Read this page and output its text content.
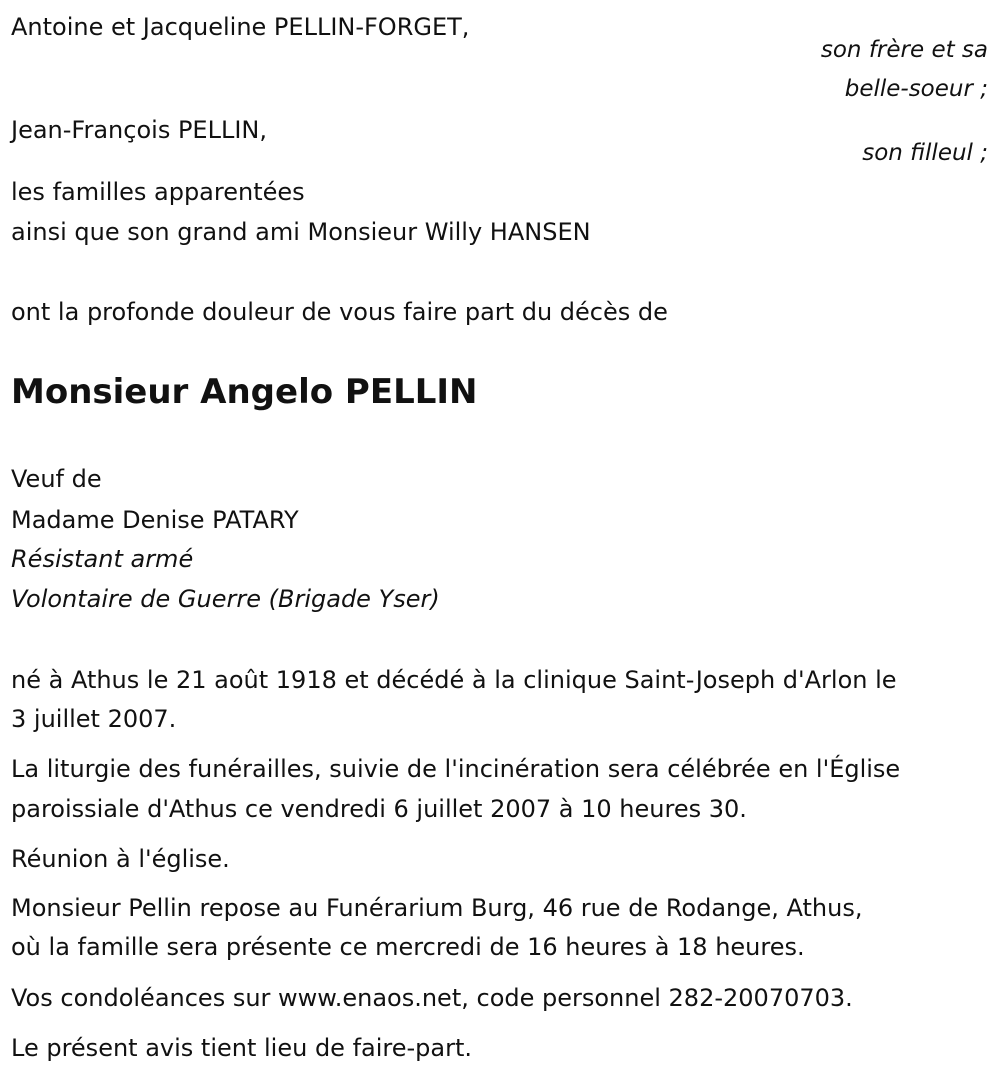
Antoine et Jacqueline PELLIN-FORGET,
son frère et sa
belle-soeur ;
Jean-François PELLIN,
son filleul ;
les familles apparentées
ainsi que son grand ami Monsieur Willy HANSEN
ont la profonde douleur de vous faire part du décès de
Monsieur Angelo PELLIN
Veuf de
Madame Denise PATARY
Résistant armé
Volontaire de Guerre (Brigade Yser)
né à Athus le 21 août 1918 et décédé à la clinique Saint-Joseph d'Arlon le
3 juillet 2007.
La liturgie des funérailles, suivie de l'incinération sera célébrée en l'Église
paroissiale d'Athus ce vendredi 6 juillet 2007 à 10 heures 30.
Réunion à l'église.
Monsieur Pellin repose au Funérarium Burg, 46 rue de Rodange, Athus,
où la famille sera présente ce mercredi de 16 heures à 18 heures.
Vos condoléances sur www.enaos.net, code personnel 282-20070703.
Le présent avis tient lieu de faire-part.
